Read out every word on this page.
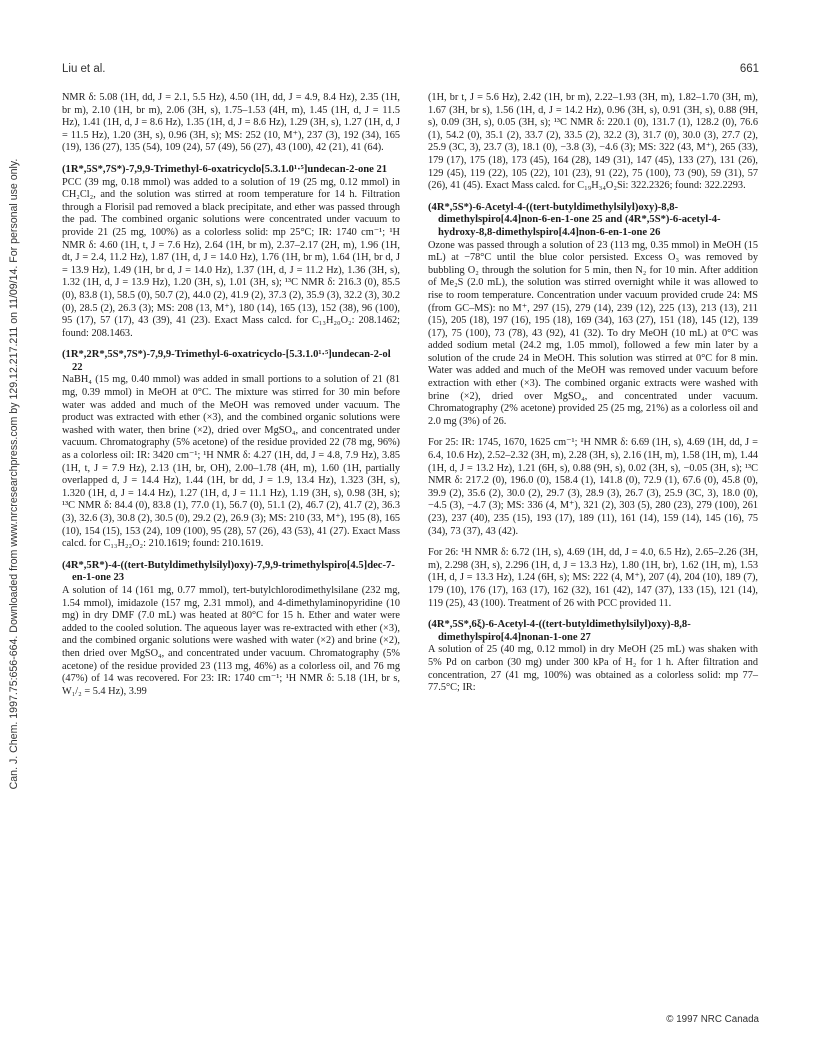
Can. J. Chem. 1997.75:656-664. Downloaded from www.nrcresearchpress.com by 129.12.217.211 on 11/09/14. For personal use only.
Liu et al.	661

NMR δ: 5.08 (1H, dd, J = 2.1, 5.5 Hz), 4.50 (1H, dd, J = 4.9, 8.4 Hz), 2.35 (1H, br m), 2.10 (1H, br m), 2.06 (3H, s), 1.75–1.53 (4H, m), 1.45 (1H, d, J = 11.5 Hz), 1.41 (1H, d, J = 8.6 Hz), 1.35 (1H, d, J = 8.6 Hz), 1.29 (3H, s), 1.27 (1H, d, J = 11.5 Hz), 1.20 (3H, s), 0.96 (3H, s); MS: 252 (10, M⁺), 237 (3), 192 (34), 165 (19), 136 (27), 135 (54), 109 (24), 57 (49), 56 (27), 43 (100), 42 (21), 41 (64).

(1R*,5S*,7S*)-7,9,9-Trimethyl-6-oxatricyclo[5.3.1.0¹·⁵]undecan-2-one 21

PCC (39 mg, 0.18 mmol) was added to a solution of 19 (25 mg, 0.12 mmol) in CH₂Cl₂, and the solution was stirred at room temperature for 14 h. Filtration through a Florisil pad removed a black precipitate, and ether was passed through the pad. The combined organic solutions were concentrated under vacuum to provide 21 (25 mg, 100%) as a colorless solid: mp 25°C; IR: 1740 cm⁻¹; ¹H NMR δ: 4.60 (1H, t, J = 7.6 Hz), 2.64 (1H, br m), 2.37–2.17 (2H, m), 1.96 (1H, dt, J = 2.4, 11.2 Hz), 1.87 (1H, d, J = 14.0 Hz), 1.76 (1H, br m), 1.64 (1H, br d, J = 13.9 Hz), 1.49 (1H, br d, J = 14.0 Hz), 1.37 (1H, d, J = 11.2 Hz), 1.36 (3H, s), 1.32 (1H, d, J = 13.9 Hz), 1.20 (3H, s), 1.01 (3H, s); ¹³C NMR δ: 216.3 (0), 85.5 (0), 83.8 (1), 58.5 (0), 50.7 (2), 44.0 (2), 41.9 (2), 37.3 (2), 35.9 (3), 32.2 (3), 30.2 (0), 28.5 (2), 26.3 (3); MS: 208 (13, M⁺), 180 (14), 165 (13), 152 (38), 96 (100), 95 (17), 57 (17), 43 (39), 41 (23). Exact Mass calcd. for C₁₃H₂₀O₂: 208.1462; found: 208.1463.

(1R*,2R*,5S*,7S*)-7,9,9-Trimethyl-6-oxatricyclo-[5.3.1.0¹·⁵]undecan-2-ol 22

NaBH₄ (15 mg, 0.40 mmol) was added in small portions to a solution of 21 (81 mg, 0.39 mmol) in MeOH at 0°C. The mixture was stirred for 30 min before water was added and much of the MeOH was removed under vacuum. The product was extracted with ether (×3), and the combined organic solutions were washed with water, then brine (×2), dried over MgSO₄, and concentrated under vacuum. Chromatography (5% acetone) of the residue provided 22 (78 mg, 96%) as a colorless oil: IR: 3420 cm⁻¹; ¹H NMR δ: 4.27 (1H, dd, J = 4.8, 7.9 Hz), 3.85 (1H, t, J = 7.9 Hz), 2.13 (1H, br, OH), 2.00–1.78 (4H, m), 1.60 (1H, partially overlapped d, J = 14.4 Hz), 1.44 (1H, br dd, J = 1.9, 13.4 Hz), 1.323 (3H, s), 1.320 (1H, d, J = 14.4 Hz), 1.27 (1H, d, J = 11.1 Hz), 1.19 (3H, s), 0.98 (3H, s); ¹³C NMR δ: 84.4 (0), 83.8 (1), 77.0 (1), 56.7 (0), 51.1 (2), 46.7 (2), 41.7 (2), 36.3 (3), 32.6 (3), 30.8 (2), 30.5 (0), 29.2 (2), 26.9 (3); MS: 210 (33, M⁺), 195 (8), 165 (10), 154 (15), 153 (24), 109 (100), 95 (28), 57 (26), 43 (53), 41 (27). Exact Mass calcd. for C₁₃H₂₂O₂: 210.1619; found: 210.1619.

(4R*,5R*)-4-((tert-Butyldimethylsilyl)oxy)-7,9,9-trimethylspiro[4.5]dec-7-en-1-one 23

A solution of 14 (161 mg, 0.77 mmol), tert-butylchlorodimethylsilane (232 mg, 1.54 mmol), imidazole (157 mg, 2.31 mmol), and 4-dimethylaminopyridine (10 mg) in dry DMF (7.0 mL) was heated at 80°C for 15 h. Ether and water were added to the cooled solution. The aqueous layer was re-extracted with ether (×3), and the combined organic solutions were washed with water (×2) and brine (×2), then dried over MgSO₄, and concentrated under vacuum. Chromatography (5% acetone) of the residue provided 23 (113 mg, 46%) as a colorless oil, and 76 mg (47%) of 14 was recovered. For 23: IR: 1740 cm⁻¹; ¹H NMR δ: 5.18 (1H, br s, W₁/₂ = 5.4 Hz), 3.99

(1H, br t, J = 5.6 Hz), 2.42 (1H, br m), 2.22–1.93 (3H, m), 1.82–1.70 (3H, m), 1.67 (3H, br s), 1.56 (1H, d, J = 14.2 Hz), 0.96 (3H, s), 0.91 (3H, s), 0.88 (9H, s), 0.09 (3H, s), 0.05 (3H, s); ¹³C NMR δ: 220.1 (0), 131.7 (1), 128.2 (0), 76.6 (1), 54.2 (0), 35.1 (2), 33.7 (2), 33.5 (2), 32.2 (3), 31.7 (0), 30.0 (3), 27.7 (2), 25.9 (3C, 3), 23.7 (3), 18.1 (0), −3.8 (3), −4.6 (3); MS: 322 (43, M⁺), 265 (33), 179 (17), 175 (18), 173 (45), 164 (28), 149 (31), 147 (45), 133 (27), 131 (26), 129 (45), 119 (22), 105 (22), 101 (23), 91 (22), 75 (100), 73 (90), 59 (31), 57 (26), 41 (45). Exact Mass calcd. for C₁₉H₃₄O₂Si: 322.2326; found: 322.2293.

(4R*,5S*)-6-Acetyl-4-((tert-butyldimethylsilyl)oxy)-8,8-dimethylspiro[4.4]non-6-en-1-one 25 and (4R*,5S*)-6-acetyl-4-hydroxy-8,8-dimethylspiro[4.4]non-6-en-1-one 26

Ozone was passed through a solution of 23 (113 mg, 0.35 mmol) in MeOH (15 mL) at −78°C until the blue color persisted. Excess O₃ was removed by bubbling O₂ through the solution for 5 min, then N₂ for 10 min. After addition of Me₂S (2.0 mL), the solution was stirred overnight while it was allowed to rise to room temperature. Concentration under vacuum provided crude 24: MS (from GC–MS): no M⁺, 297 (15), 279 (14), 239 (12), 225 (13), 213 (13), 211 (15), 205 (18), 197 (16), 195 (18), 169 (34), 163 (27), 151 (18), 145 (12), 139 (17), 75 (100), 73 (78), 43 (92), 41 (32). To dry MeOH (10 mL) at 0°C was added sodium metal (24.2 mg, 1.05 mmol), followed a few min later by a solution of the crude 24 in MeOH. This solution was stirred at 0°C for 8 min. Water was added and much of the MeOH was removed under vacuum before extraction with ether (×3). The combined organic extracts were washed with brine (×2), dried over MgSO₄, and concentrated under vacuum. Chromatography (2% acetone) provided 25 (25 mg, 21%) as a colorless oil and 2.0 mg (3%) of 26.

For 25: IR: 1745, 1670, 1625 cm⁻¹; ¹H NMR δ: 6.69 (1H, s), 4.69 (1H, dd, J = 6.4, 10.6 Hz), 2.52–2.32 (3H, m), 2.28 (3H, s), 2.16 (1H, m), 1.58 (1H, m), 1.44 (1H, d, J = 13.2 Hz), 1.21 (6H, s), 0.88 (9H, s), 0.02 (3H, s), −0.05 (3H, s); ¹³C NMR δ: 217.2 (0), 196.0 (0), 158.4 (1), 141.8 (0), 72.9 (1), 67.6 (0), 45.8 (0), 39.9 (2), 35.6 (2), 30.0 (2), 29.7 (3), 28.9 (3), 26.7 (3), 25.9 (3C, 3), 18.0 (0), −4.5 (3), −4.7 (3); MS: 336 (4, M⁺), 321 (2), 303 (5), 280 (23), 279 (100), 261 (23), 237 (40), 235 (15), 193 (17), 189 (11), 161 (14), 159 (14), 145 (16), 75 (34), 73 (37), 43 (42).

For 26: ¹H NMR δ: 6.72 (1H, s), 4.69 (1H, dd, J = 4.0, 6.5 Hz), 2.65–2.26 (3H, m), 2.298 (3H, s), 2.296 (1H, d, J = 13.3 Hz), 1.80 (1H, br), 1.62 (1H, m), 1.53 (1H, d, J = 13.3 Hz), 1.24 (6H, s); MS: 222 (4, M⁺), 207 (4), 204 (10), 189 (7), 179 (10), 176 (17), 163 (17), 162 (32), 161 (42), 147 (37), 133 (15), 121 (14), 119 (25), 43 (100). Treatment of 26 with PCC provided 11.

(4R*,5S*,6ξ)-6-Acetyl-4-((tert-butyldimethylsilyl)oxy)-8,8-dimethylspiro[4.4]nonan-1-one 27

A solution of 25 (40 mg, 0.12 mmol) in dry MeOH (25 mL) was shaken with 5% Pd on carbon (30 mg) under 300 kPa of H₂ for 1 h. After filtration and concentration, 27 (41 mg, 100%) was obtained as a colorless solid: mp 77–77.5°C; IR:

© 1997 NRC Canada
